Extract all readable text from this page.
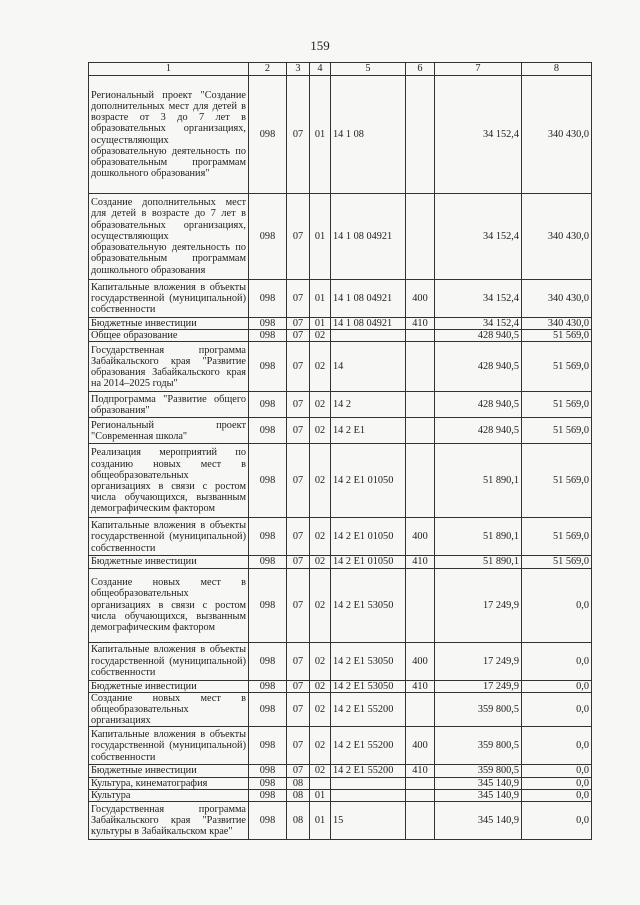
159
1	2	3	4	5	6	7	8
Региональный проект "Создание дополнительных мест для детей в возрасте от 3 до 7 лет в образовательных организациях, осуществляющих образовательную деятельность по образовательным программам дошкольного образования"	098	07	01	14 1 08		34 152,4	340 430,0
Создание дополнительных мест для детей в возрасте до 7 лет в образовательных организациях, осуществляющих образовательную деятельность по образовательным программам дошкольного образования	098	07	01	14 1 08 04921		34 152,4	340 430,0
Капитальные вложения в объекты государственной (муниципальной) собственности	098	07	01	14 1 08 04921	400	34 152,4	340 430,0
Бюджетные инвестиции	098	07	01	14 1 08 04921	410	34 152,4	340 430,0
Общее образование	098	07	02			428 940,5	51 569,0
Государственная программа Забайкальского края "Развитие образования Забайкальского края на 2014–2025 годы"	098	07	02	14		428 940,5	51 569,0
Подпрограмма "Развитие общего образования"	098	07	02	14 2		428 940,5	51 569,0
Региональный проект "Современная школа"	098	07	02	14 2 E1		428 940,5	51 569,0
Реализация мероприятий по созданию новых мест в общеобразовательных организациях в связи с ростом числа обучающихся, вызванным демографическим фактором	098	07	02	14 2 E1 01050		51 890,1	51 569,0
Капитальные вложения в объекты государственной (муниципальной) собственности	098	07	02	14 2 E1 01050	400	51 890,1	51 569,0
Бюджетные инвестиции	098	07	02	14 2 E1 01050	410	51 890,1	51 569,0
Создание новых мест в общеобразовательных организациях в связи с ростом числа обучающихся, вызванным демографическим фактором	098	07	02	14 2 E1 53050		17 249,9	0,0
Капитальные вложения в объекты государственной (муниципальной) собственности	098	07	02	14 2 E1 53050	400	17 249,9	0,0
Бюджетные инвестиции	098	07	02	14 2 E1 53050	410	17 249,9	0,0
Создание новых мест в общеобразовательных организациях	098	07	02	14 2 E1 55200		359 800,5	0,0
Капитальные вложения в объекты государственной (муниципальной) собственности	098	07	02	14 2 E1 55200	400	359 800,5	0,0
Бюджетные инвестиции	098	07	02	14 2 E1 55200	410	359 800,5	0,0
Культура, кинематография	098	08				345 140,9	0,0
Культура	098	08	01			345 140,9	0,0
Государственная программа Забайкальского края "Развитие культуры в Забайкальском крае"	098	08	01	15		345 140,9	0,0
